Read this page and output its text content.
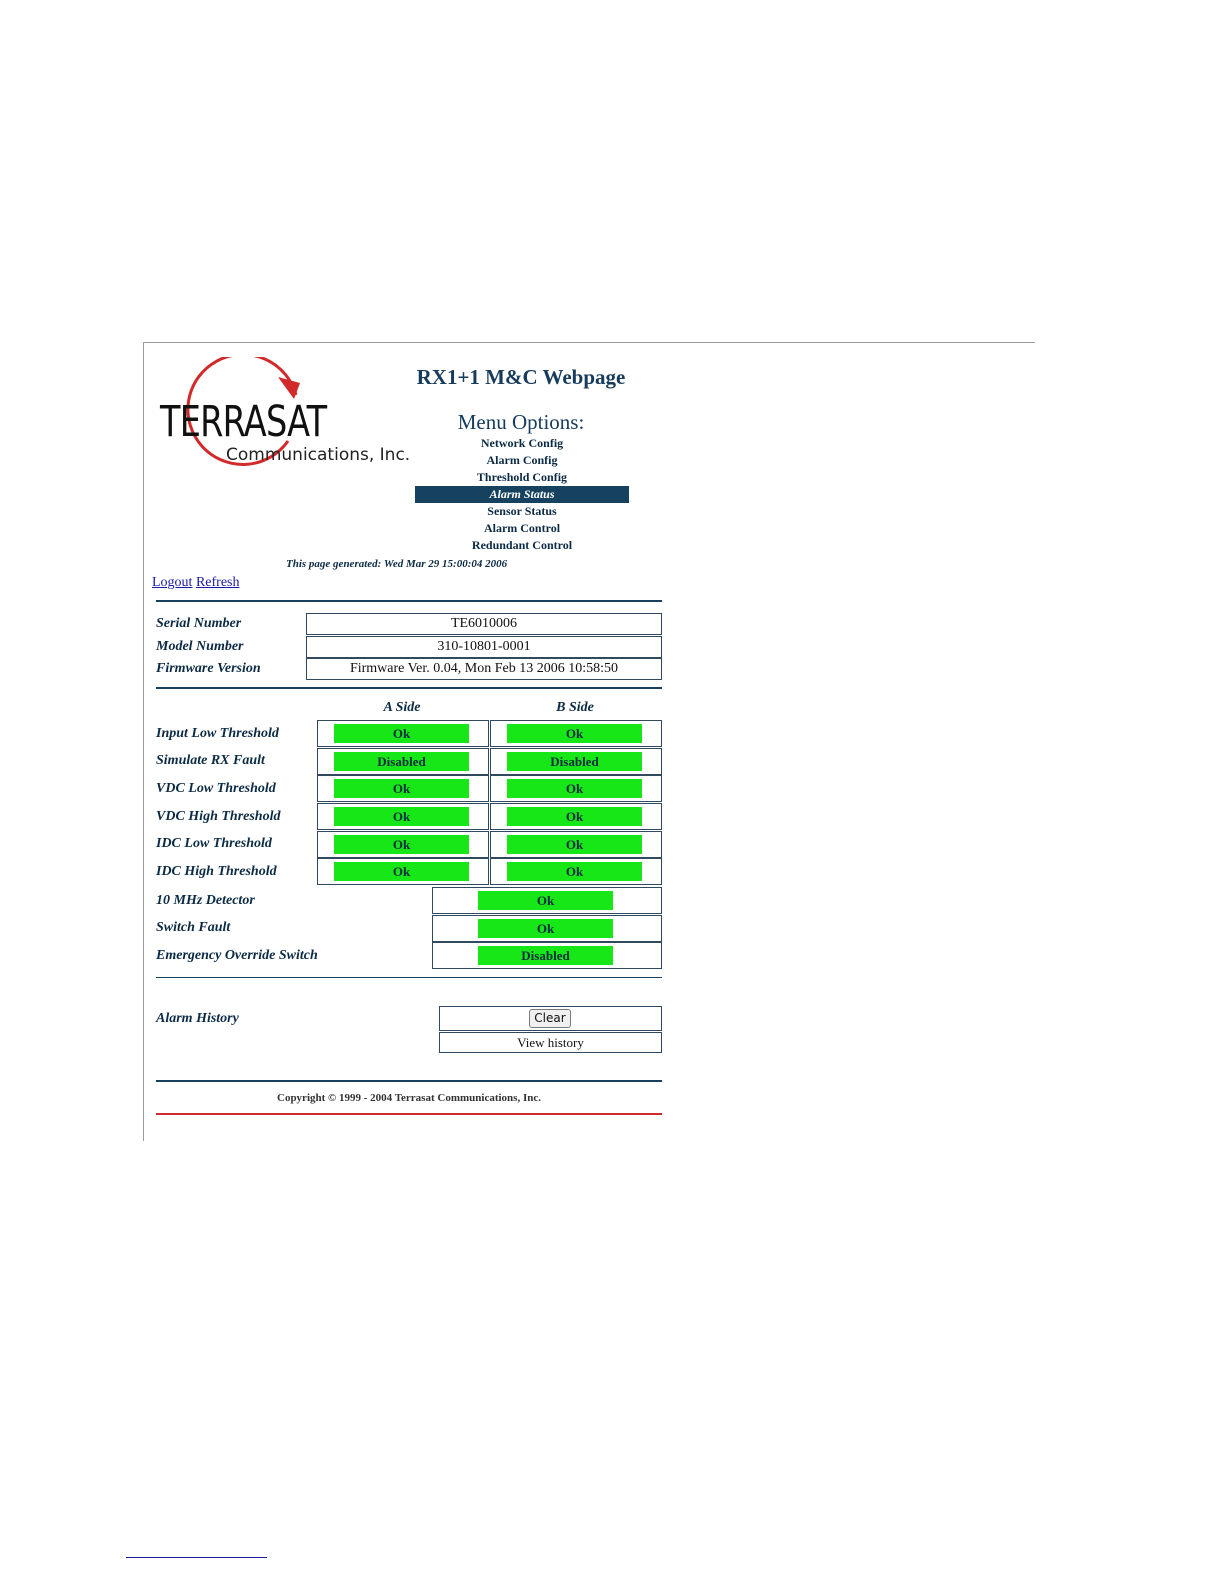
TERRASAT
Communications, Inc.
RX1+1 M&C Webpage
Menu Options:
Network Config
Alarm Config
Threshold Config
Alarm Status
Sensor Status
Alarm Control
Redundant Control
This page generated: Wed Mar 29 15:00:04 2006
Logout Refresh
Serial Number	TE6010006
Model Number	310-10801-0001
Firmware Version	Firmware Ver. 0.04, Mon Feb 13 2006 10:58:50
A Side	B Side
Input Low Threshold	Ok	Ok
Simulate RX Fault	Disabled	Disabled
VDC Low Threshold	Ok	Ok
VDC High Threshold	Ok	Ok
IDC Low Threshold	Ok	Ok
IDC High Threshold	Ok	Ok
10 MHz Detector	Ok
Switch Fault	Ok
Emergency Override Switch	Disabled
Alarm History	Clear
View history
Copyright © 1999 - 2004 Terrasat Communications, Inc.
